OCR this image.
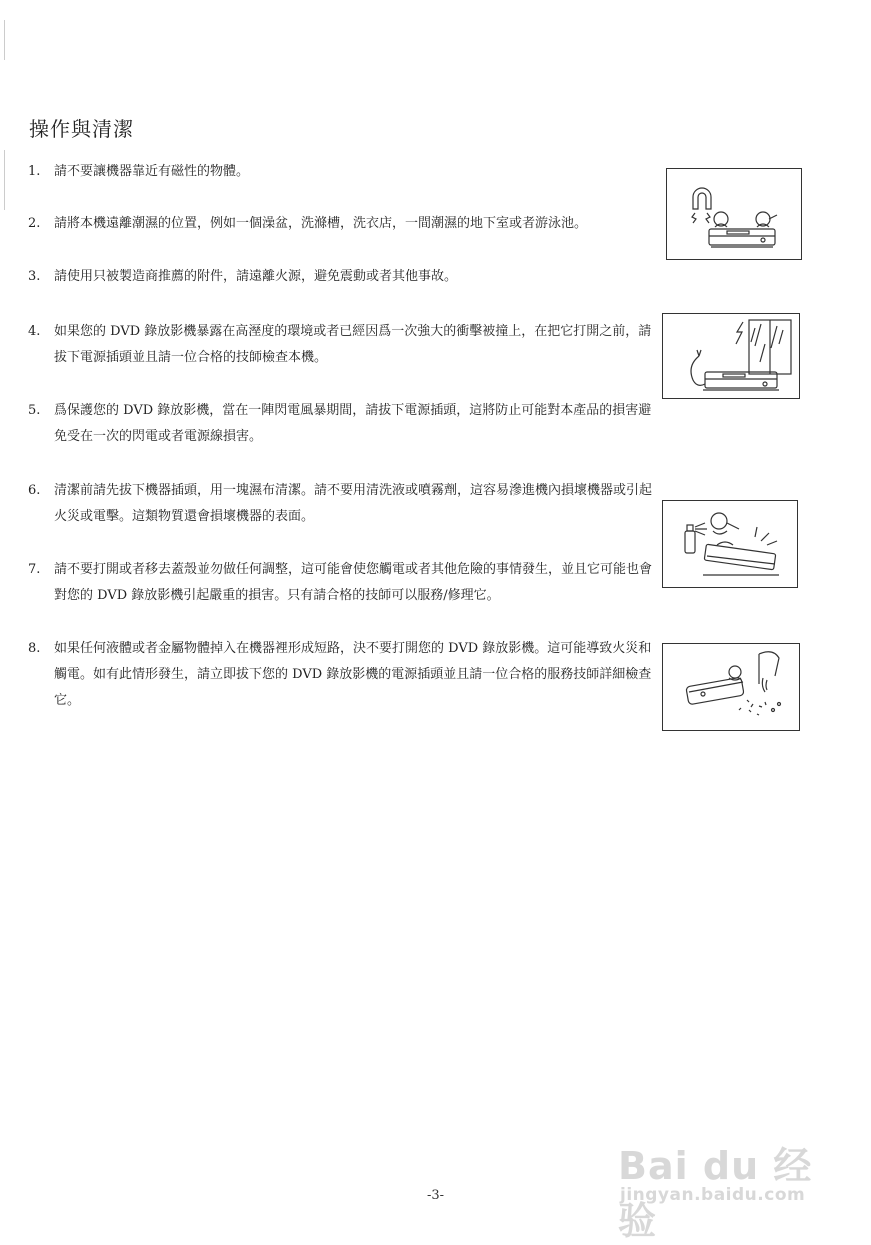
操作與清潔
1.	請不要讓機器靠近有磁性的物體。
2.	請將本機遠離潮濕的位置，例如一個澡盆，洗滌槽，洗衣店，一間潮濕的地下室或者游泳池。
3.	請使用只被製造商推薦的附件，請遠離火源，避免震動或者其他事故。
4.	如果您的 DVD 錄放影機暴露在高溼度的環境或者已經因爲一次強大的衝擊被撞上，在把它打開之前，請拔下電源插頭並且請一位合格的技師檢查本機。
5.	爲保護您的 DVD 錄放影機，當在一陣閃電風暴期間，請拔下電源插頭，這將防止可能對本產品的損害避免受在一次的閃電或者電源線損害。
6.	清潔前請先拔下機器插頭，用一塊濕布清潔。請不要用清洗液或噴霧劑，這容易滲進機內損壞機器或引起火災或電擊。這類物質還會損壞機器的表面。
7.	請不要打開或者移去蓋殼並勿做任何調整，這可能會使您觸電或者其他危險的事情發生，並且它可能也會對您的 DVD 錄放影機引起嚴重的損害。只有請合格的技師可以服務/修理它。
8.	如果任何液體或者金屬物體掉入在機器裡形成短路，決不要打開您的 DVD 錄放影機。這可能導致火災和觸電。如有此情形發生，請立即拔下您的 DVD 錄放影機的電源插頭並且請一位合格的服務技師詳細檢查它。
-3-
Bai du 经验
jingyan.baidu.com
